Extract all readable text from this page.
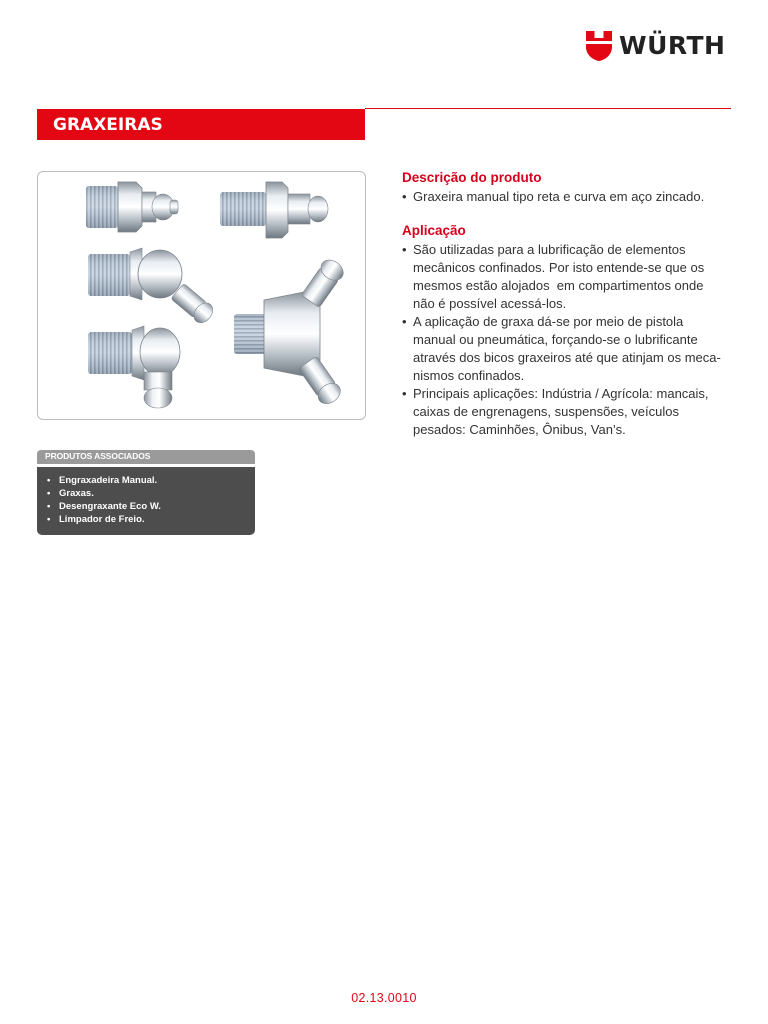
WÜRTH
GRAXEIRAS

Descrição do produto

• Graxeira manual tipo reta e curva em aço zincado.

Aplicação

• São utilizadas para a lubrificação de elementos
mecânicos confinados. Por isto entende-se que os
mesmos estão alojados  em compartimentos onde
não é possível acessá-los.
• A aplicação de graxa dá-se por meio de pistola
manual ou pneumática, forçando-se o lubrificante
através dos bicos graxeiros até que atinjam os meca-
nismos confinados.
• Principais aplicações: Indústria / Agrícola: mancais,
caixas de engrenagens, suspensões, veículos
pesados: Caminhões, Ônibus, Van’s.
PRODUTOS ASSOCIADOS
• Engraxadeira Manual.
• Graxas.
• Desengraxante Eco W.
• Limpador de Freio.
02.13.0010
